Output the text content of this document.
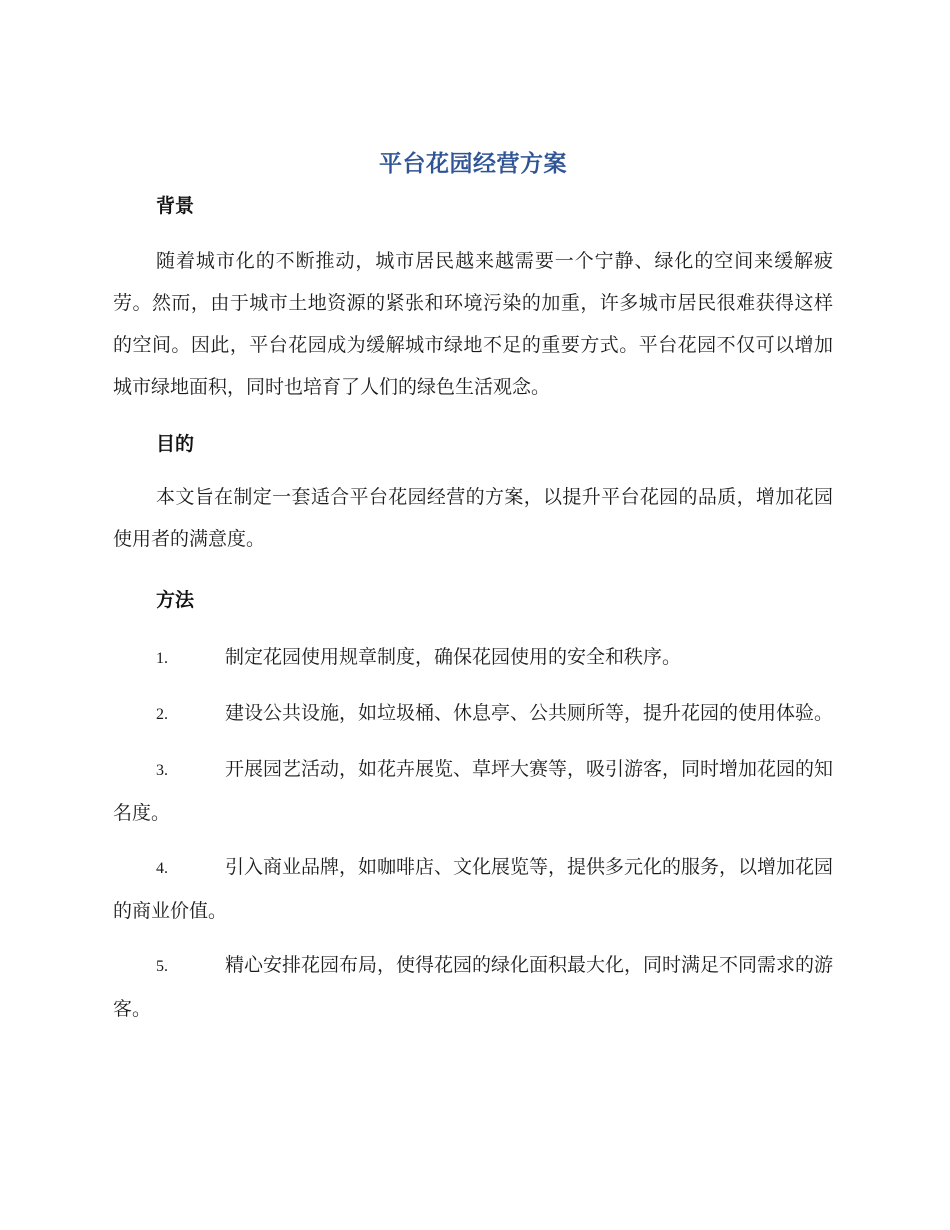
平台花园经营方案
背景

随着城市化的不断推动，城市居民越来越需要一个宁静、绿化的空间来缓解疲劳。然而，由于城市土地资源的紧张和环境污染的加重，许多城市居民很难获得这样的空间。因此，平台花园成为缓解城市绿地不足的重要方式。平台花园不仅可以增加城市绿地面积，同时也培育了人们的绿色生活观念。

目的

本文旨在制定一套适合平台花园经营的方案，以提升平台花园的品质，增加花园使用者的满意度。

方法
1.	制定花园使用规章制度，确保花园使用的安全和秩序。
2.	建设公共设施，如垃圾桶、休息亭、公共厕所等，提升花园的使用体验。
3.	开展园艺活动，如花卉展览、草坪大赛等，吸引游客，同时增加花园的知名度。
4.	引入商业品牌，如咖啡店、文化展览等，提供多元化的服务，以增加花园的商业价值。
5.	精心安排花园布局，使得花园的绿化面积最大化，同时满足不同需求的游客。
